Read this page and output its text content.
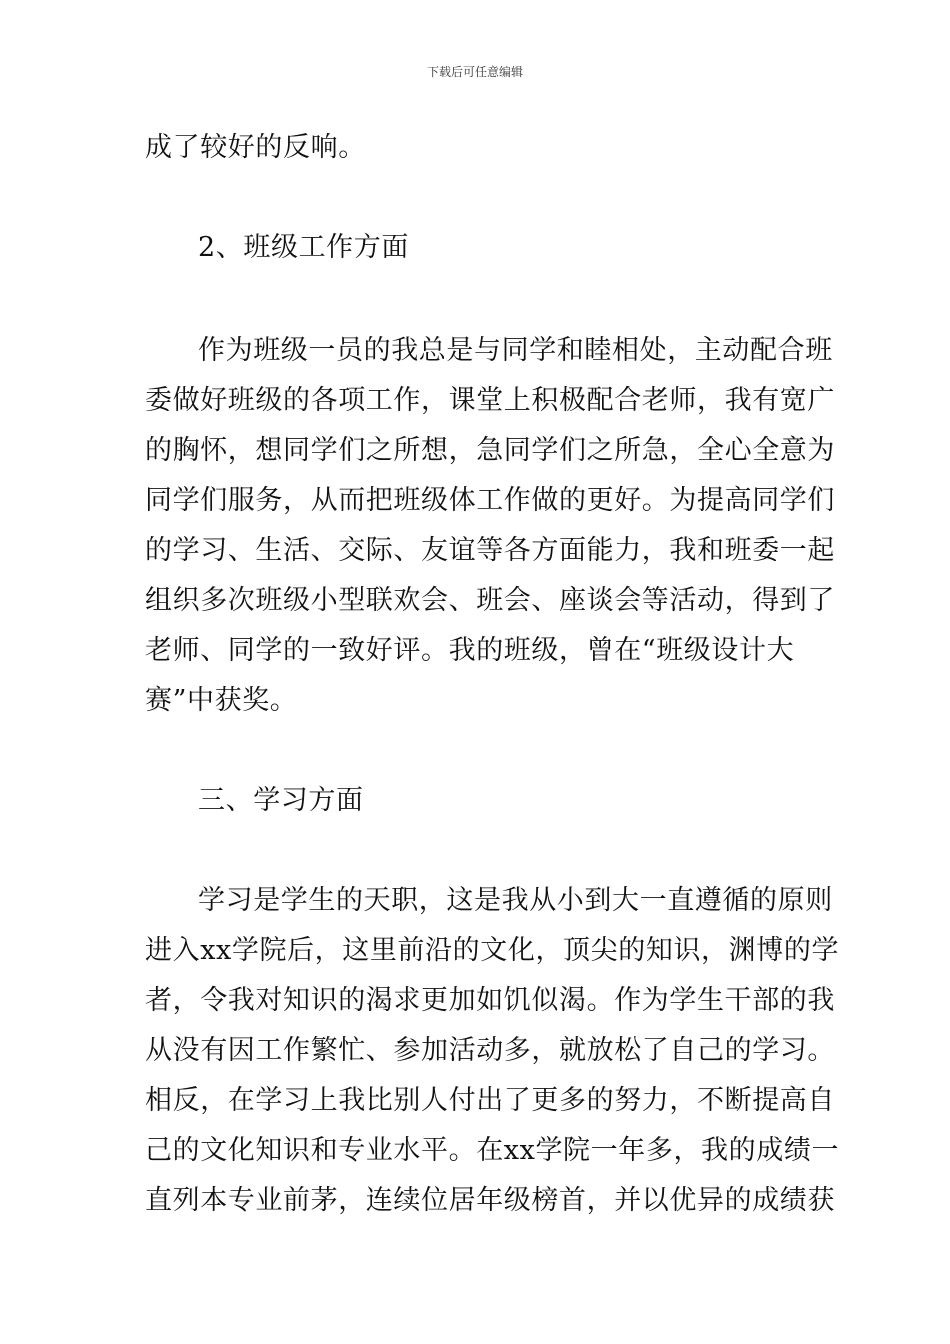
下载后可任意编辑
成了较好的反响。
2、班级工作方面
作为班级一员的我总是与同学和睦相处，主动配合班
委做好班级的各项工作，课堂上积极配合老师，我有宽广
的胸怀，想同学们之所想，急同学们之所急，全心全意为
同学们服务，从而把班级体工作做的更好。为提高同学们
的学习、生活、交际、友谊等各方面能力，我和班委一起
组织多次班级小型联欢会、班会、座谈会等活动，得到了
老师、同学的一致好评。我的班级，曾在“班级设计大
赛”中获奖。
三、学习方面
学习是学生的天职，这是我从小到大一直遵循的原则
进入xx学院后，这里前沿的文化，顶尖的知识，渊博的学
者，令我对知识的渴求更加如饥似渴。作为学生干部的我
从没有因工作繁忙、参加活动多，就放松了自己的学习。
相反，在学习上我比别人付出了更多的努力，不断提高自
己的文化知识和专业水平。在xx学院一年多，我的成绩一
直列本专业前茅，连续位居年级榜首，并以优异的成绩获
